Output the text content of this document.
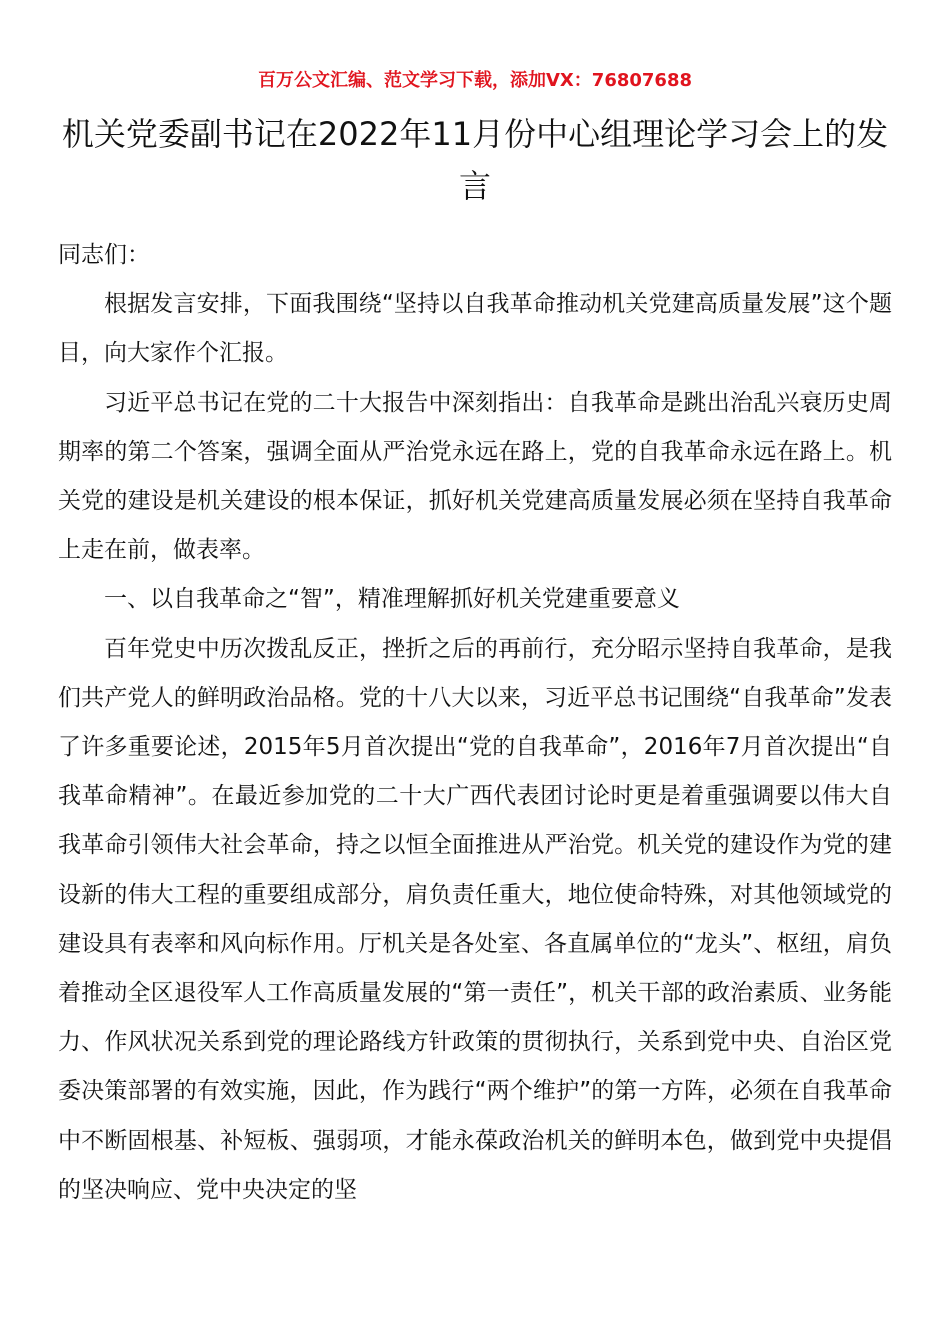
百万公文汇编、范文学习下载，添加VX：76807688
机关党委副书记在2022年11月份中心组理论学习会上的发言

同志们：

根据发言安排，下面我围绕“坚持以自我革命推动机关党建高质量发展”这个题目，向大家作个汇报。

习近平总书记在党的二十大报告中深刻指出：自我革命是跳出治乱兴衰历史周期率的第二个答案，强调全面从严治党永远在路上，党的自我革命永远在路上。机关党的建设是机关建设的根本保证，抓好机关党建高质量发展必须在坚持自我革命上走在前，做表率。

一、以自我革命之“智”，精准理解抓好机关党建重要意义

百年党史中历次拨乱反正，挫折之后的再前行，充分昭示坚持自我革命，是我们共产党人的鲜明政治品格。党的十八大以来，习近平总书记围绕“自我革命”发表了许多重要论述，2015年5月首次提出“党的自我革命”，2016年7月首次提出“自我革命精神”。在最近参加党的二十大广西代表团讨论时更是着重强调要以伟大自我革命引领伟大社会革命，持之以恒全面推进从严治党。机关党的建设作为党的建设新的伟大工程的重要组成部分，肩负责任重大，地位使命特殊，对其他领域党的建设具有表率和风向标作用。厅机关是各处室、各直属单位的“龙头”、枢纽，肩负着推动全区退役军人工作高质量发展的“第一责任”，机关干部的政治素质、业务能力、作风状况关系到党的理论路线方针政策的贯彻执行，关系到党中央、自治区党委决策部署的有效实施，因此，作为践行“两个维护”的第一方阵，必须在自我革命中不断固根基、补短板、强弱项，才能永葆政治机关的鲜明本色，做到党中央提倡的坚决响应、党中央决定的坚
